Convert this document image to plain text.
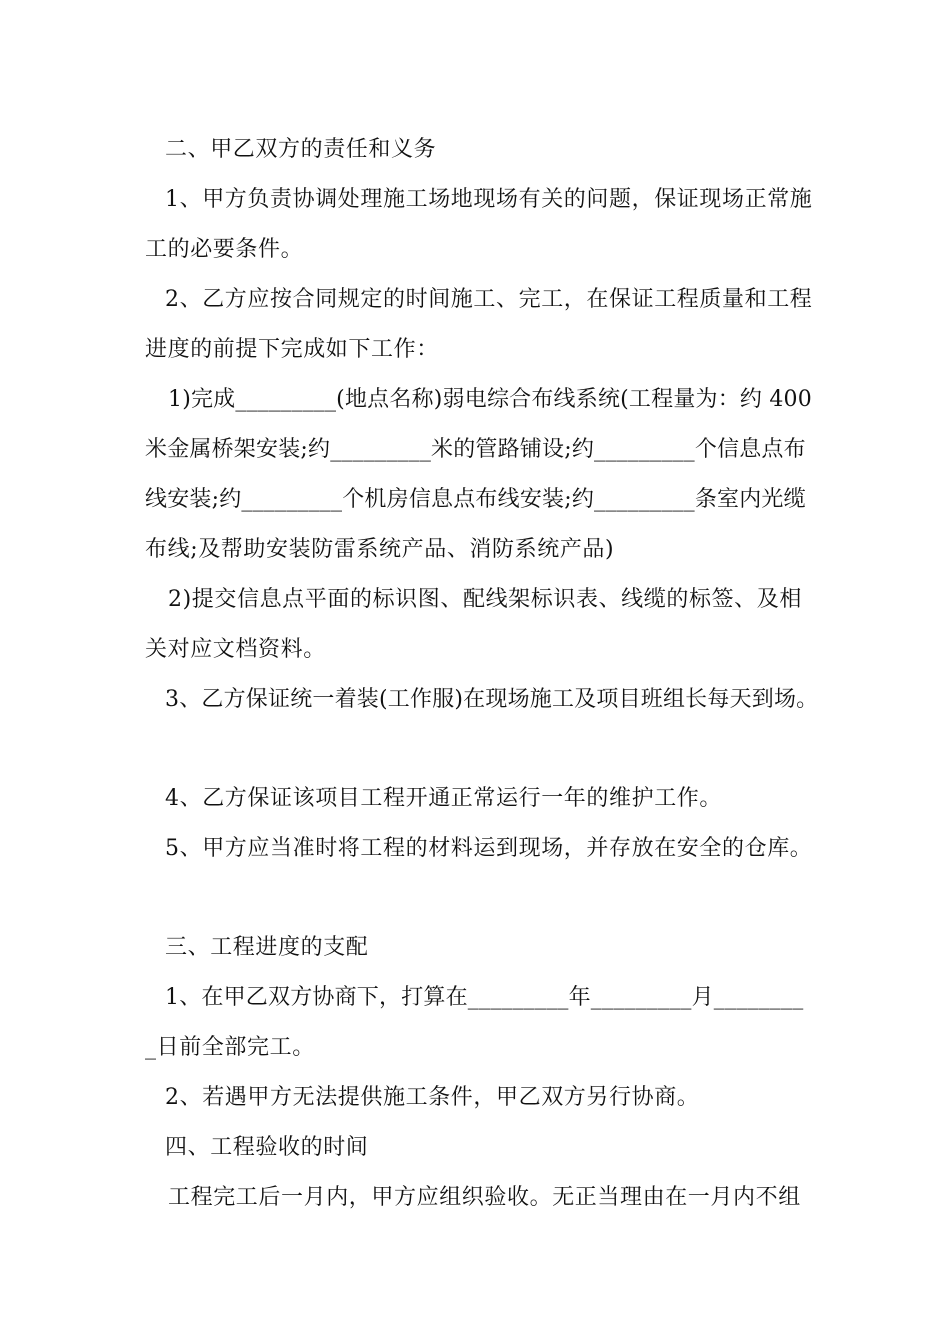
二、甲乙双方的责任和义务
1、甲方负责协调处理施工场地现场有关的问题，保证现场正常施
工的必要条件。
2、乙方应按合同规定的时间施工、完工，在保证工程质量和工程
进度的前提下完成如下工作：
1)完成_________(地点名称)弱电综合布线系统(工程量为：约 400
米金属桥架安装;约_________米的管路铺设;约_________个信息点布
线安装;约_________个机房信息点布线安装;约_________条室内光缆
布线;及帮助安装防雷系统产品、消防系统产品)
2)提交信息点平面的标识图、配线架标识表、线缆的标签、及相
关对应文档资料。
3、乙方保证统一着装(工作服)在现场施工及项目班组长每天到场。
4、乙方保证该项目工程开通正常运行一年的维护工作。
5、甲方应当准时将工程的材料运到现场，并存放在安全的仓库。
三、工程进度的支配
1、在甲乙双方协商下，打算在_________年_________月________
_日前全部完工。
2、若遇甲方无法提供施工条件，甲乙双方另行协商。
四、工程验收的时间
工程完工后一月内，甲方应组织验收。无正当理由在一月内不组
